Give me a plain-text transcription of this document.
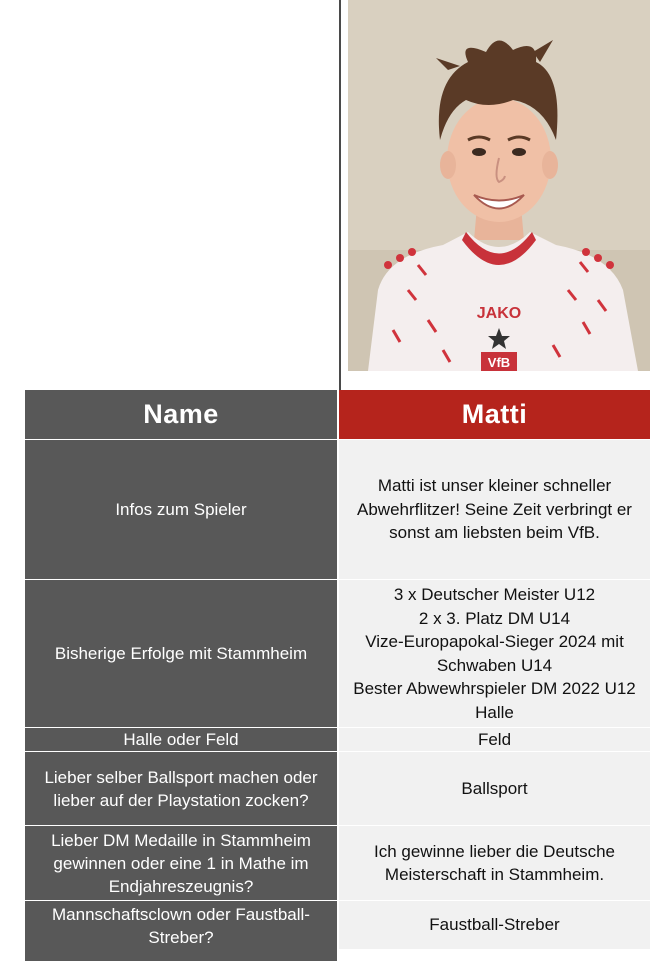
JAKO
VfB
Name	Matti
Infos zum Spieler
Matti ist unser kleiner schneller Abwehrflitzer! Seine Zeit verbringt er sonst am liebsten beim VfB.
Bisherige Erfolge mit Stammheim
3 x Deutscher Meister U12
2 x 3. Platz DM U14
Vize-Europapokal-Sieger 2024 mit Schwaben U14
Bester Abwewhrspieler DM 2022 U12 Halle
Halle oder Feld	Feld
Lieber selber Ballsport machen oder lieber auf der Playstation zocken?
Ballsport
Lieber DM Medaille in Stammheim gewinnen oder eine 1 in Mathe im Endjahreszeugnis?
Ich gewinne lieber die Deutsche Meisterschaft in Stammheim.
Mannschaftsclown oder Faustball-Streber?
Faustball-Streber
